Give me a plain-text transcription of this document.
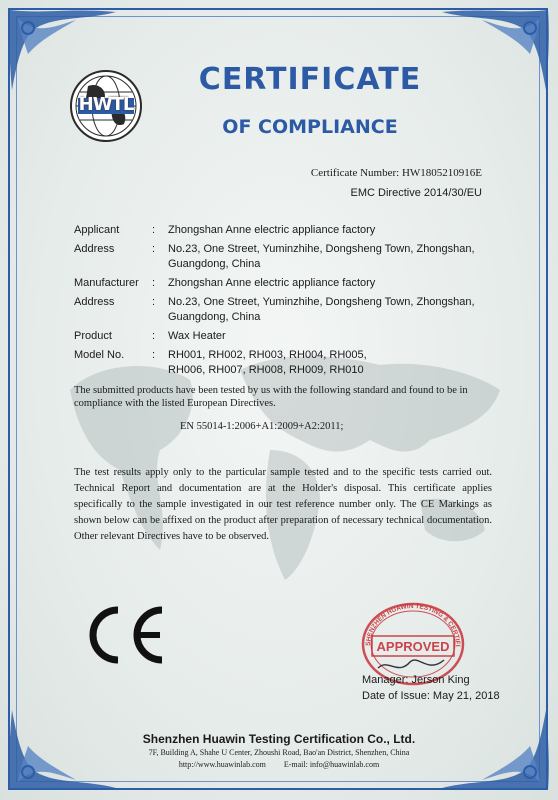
HWTL
CERTIFICATE
OF COMPLIANCE
Certificate Number: HW1805210916E
EMC Directive 2014/30/EU
Applicant	:	Zhongshan Anne electric appliance factory
Address	:	No.23, One Street, Yuminzhihe, Dongsheng Town, Zhongshan,
Guangdong, China
Manufacturer	:	Zhongshan Anne electric appliance factory
Address	:	No.23, One Street, Yuminzhihe, Dongsheng Town, Zhongshan,
Guangdong, China
Product	:	Wax Heater
Model No.	:	RH001, RH002, RH003, RH004, RH005,
RH006, RH007, RH008, RH009, RH010
The submitted products have been tested by us with the following standard and found to be in compliance with the listed European Directives.
EN 55014-1:2006+A1:2009+A2:2011;
The test results apply only to the particular sample tested and to the specific tests carried out. Technical Report and documentation are at the Holder's disposal. This certificate applies specifically to the sample investigated in our test reference number only. The CE Markings as shown below can be affixed on the product after preparation of necessary technical documentation. Other relevant Directives have to be observed.
SHENZHEN HUAWIN TESTING & CERTIFI
APPROVED
Manager: Jerson King
Date of Issue: May 21, 2018
Shenzhen Huawin Testing Certification Co., Ltd.
7F, Building A, Shahe U Center, Zhoushi Road, Bao'an District, Shenzhen, China
http://www.huawinlab.com E-mail: info@huawinlab.com
